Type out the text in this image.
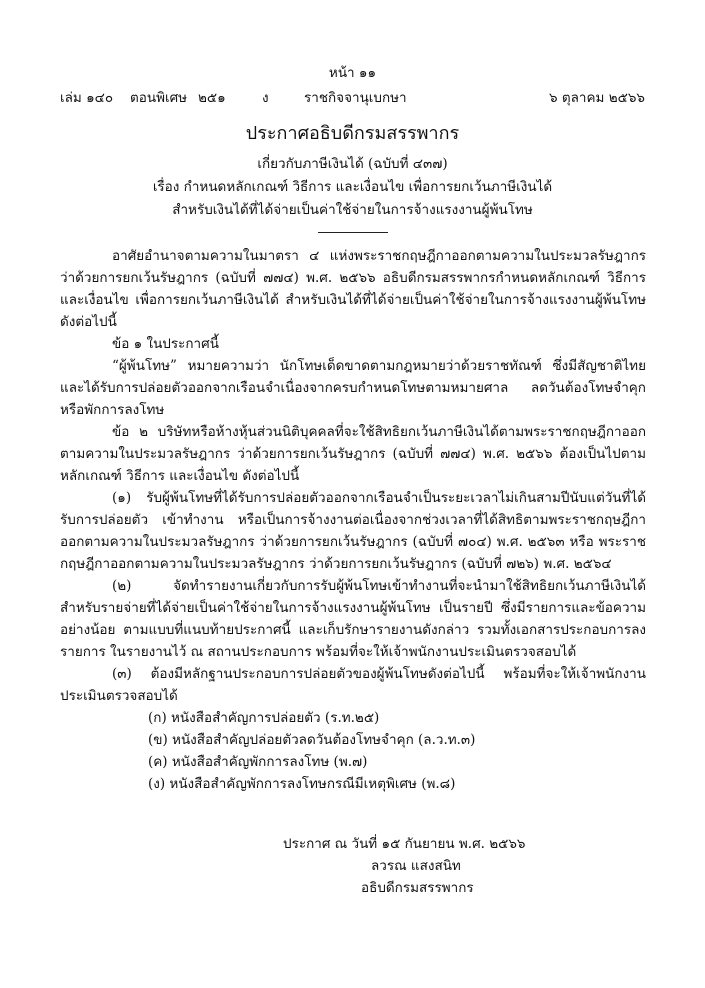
หน้า ๑๑
เล่ม ๑๔๐ ตอนพิเศษ ๒๕๑	ง	ราชกิจจานุเบกษา	๖ ตุลาคม ๒๕๖๖
ประกาศอธิบดีกรมสรรพากร
เกี่ยวกับภาษีเงินได้ (ฉบับที่ ๔๓๗)
เรื่อง กำหนดหลักเกณฑ์ วิธีการ และเงื่อนไข เพื่อการยกเว้นภาษีเงินได้
สำหรับเงินได้ที่ได้จ่ายเป็นค่าใช้จ่ายในการจ้างแรงงานผู้พ้นโทษ

อาศัยอำนาจตามความในมาตรา ๔ แห่งพระราชกฤษฎีกาออกตามความในประมวลรัษฎากร ว่าด้วยการยกเว้นรัษฎากร (ฉบับที่ ๗๗๔) พ.ศ. ๒๕๖๖ อธิบดีกรมสรรพากรกำหนดหลักเกณฑ์ วิธีการ และเงื่อนไข เพื่อการยกเว้นภาษีเงินได้ สำหรับเงินได้ที่ได้จ่ายเป็นค่าใช้จ่ายในการจ้างแรงงานผู้พ้นโทษ ดังต่อไปนี้

ข้อ ๑ ในประกาศนี้

“ผู้พ้นโทษ” หมายความว่า นักโทษเด็ดขาดตามกฎหมายว่าด้วยราชทัณฑ์ ซึ่งมีสัญชาติไทย และได้รับการปล่อยตัวออกจากเรือนจำเนื่องจากครบกำหนดโทษตามหมายศาล ลดวันต้องโทษจำคุก หรือพักการลงโทษ

ข้อ ๒ บริษัทหรือห้างหุ้นส่วนนิติบุคคลที่จะใช้สิทธิยกเว้นภาษีเงินได้ตามพระราชกฤษฎีกาออกตามความในประมวลรัษฎากร ว่าด้วยการยกเว้นรัษฎากร (ฉบับที่ ๗๗๔) พ.ศ. ๒๕๖๖ ต้องเป็นไปตามหลักเกณฑ์ วิธีการ และเงื่อนไข ดังต่อไปนี้

(๑) รับผู้พ้นโทษที่ได้รับการปล่อยตัวออกจากเรือนจำเป็นระยะเวลาไม่เกินสามปีนับแต่วันที่ได้รับการปล่อยตัว เข้าทำงาน หรือเป็นการจ้างงานต่อเนื่องจากช่วงเวลาที่ได้สิทธิตามพระราชกฤษฎีกาออกตามความในประมวลรัษฎากร ว่าด้วยการยกเว้นรัษฎากร (ฉบับที่ ๗๐๔) พ.ศ. ๒๕๖๓ หรือ พระราชกฤษฎีกาออกตามความในประมวลรัษฎากร ว่าด้วยการยกเว้นรัษฎากร (ฉบับที่ ๗๒๖) พ.ศ. ๒๕๖๔

(๒) จัดทำรายงานเกี่ยวกับการรับผู้พ้นโทษเข้าทำงานที่จะนำมาใช้สิทธิยกเว้นภาษีเงินได้ สำหรับรายจ่ายที่ได้จ่ายเป็นค่าใช้จ่ายในการจ้างแรงงานผู้พ้นโทษ เป็นรายปี ซึ่งมีรายการและข้อความอย่างน้อย ตามแบบที่แนบท้ายประกาศนี้ และเก็บรักษารายงานดังกล่าว รวมทั้งเอกสารประกอบการลงรายการ ในรายงานไว้ ณ สถานประกอบการ พร้อมที่จะให้เจ้าพนักงานประเมินตรวจสอบได้

(๓) ต้องมีหลักฐานประกอบการปล่อยตัวของผู้พ้นโทษดังต่อไปนี้ พร้อมที่จะให้เจ้าพนักงาน ประเมินตรวจสอบได้

(ก) หนังสือสำคัญการปล่อยตัว (ร.ท.๒๕)

(ข) หนังสือสำคัญปล่อยตัวลดวันต้องโทษจำคุก (ล.ว.ท.๓)

(ค) หนังสือสำคัญพักการลงโทษ (พ.๗)

(ง) หนังสือสำคัญพักการลงโทษกรณีมีเหตุพิเศษ (พ.๘)

ประกาศ ณ วันที่ ๑๕ กันยายน พ.ศ. ๒๕๖๖
ลวรณ แสงสนิท
อธิบดีกรมสรรพากร
